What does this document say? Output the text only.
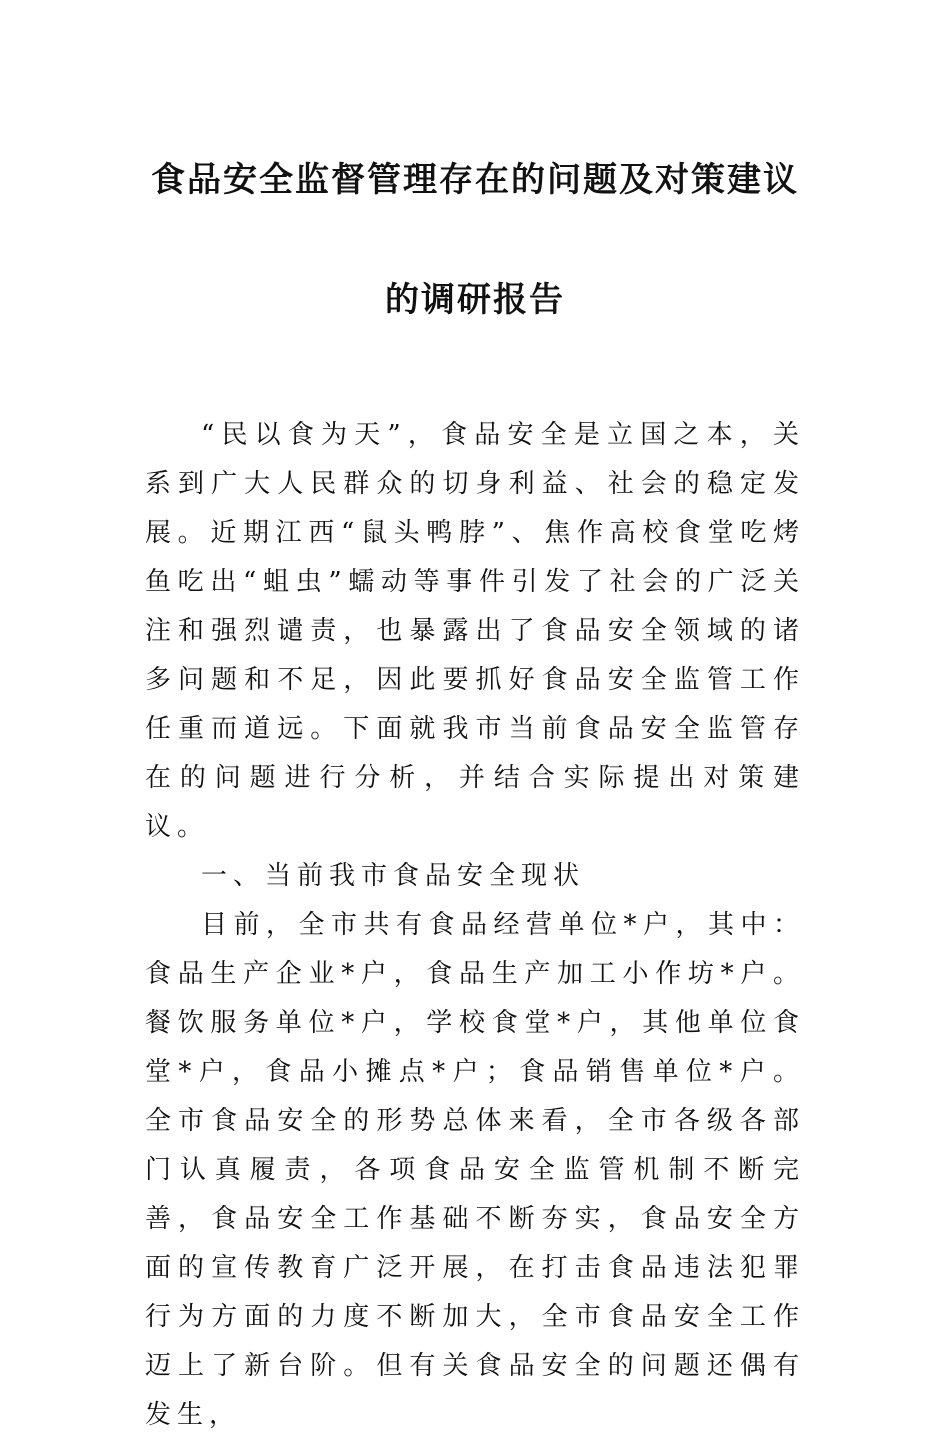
食品安全监督管理存在的问题及对策建议
的调研报告

“民以食为天”，食品安全是立国之本，关系到广大人民群众的切身利益、社会的稳定发展。近期江西“鼠头鸭脖”、焦作高校食堂吃烤鱼吃出“蛆虫”蠕动等事件引发了社会的广泛关注和强烈谴责，也暴露出了食品安全领域的诸多问题和不足，因此要抓好食品安全监管工作任重而道远。下面就我市当前食品安全监管存在的问题进行分析，并结合实际提出对策建议。

一、当前我市食品安全现状

目前，全市共有食品经营单位*户，其中：食品生产企业*户，食品生产加工小作坊*户。餐饮服务单位*户，学校食堂*户，其他单位食堂*户，食品小摊点*户；食品销售单位*户。全市食品安全的形势总体来看，全市各级各部门认真履责，各项食品安全监管机制不断完善，食品安全工作基础不断夯实，食品安全方面的宣传教育广泛开展，在打击食品违法犯罪行为方面的力度不断加大，全市食品安全工作迈上了新台阶。但有关食品安全的问题还偶有发生，
